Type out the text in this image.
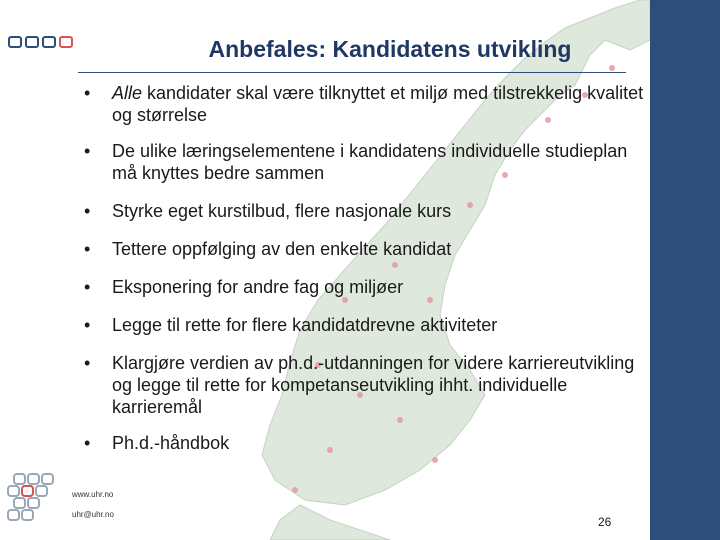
Anbefales: Kandidatens utvikling
• Alle kandidater skal være tilknyttet et miljø med tilstrekkelig kvalitet og størrelse
• De ulike læringselementene i kandidatens individuelle studieplan må knyttes bedre sammen
• Styrke eget kurstilbud, flere nasjonale kurs
• Tettere oppfølging av den enkelte kandidat
• Eksponering for andre fag og miljøer
• Legge til rette for flere kandidatdrevne aktiviteter
• Klargjøre verdien av ph.d.-utdanningen for videre karriereutvikling og legge til rette for kompetanseutvikling ihht. individuelle karrieremål
• Ph.d.-håndbok
www.uhr.no
uhr@uhr.no
26
